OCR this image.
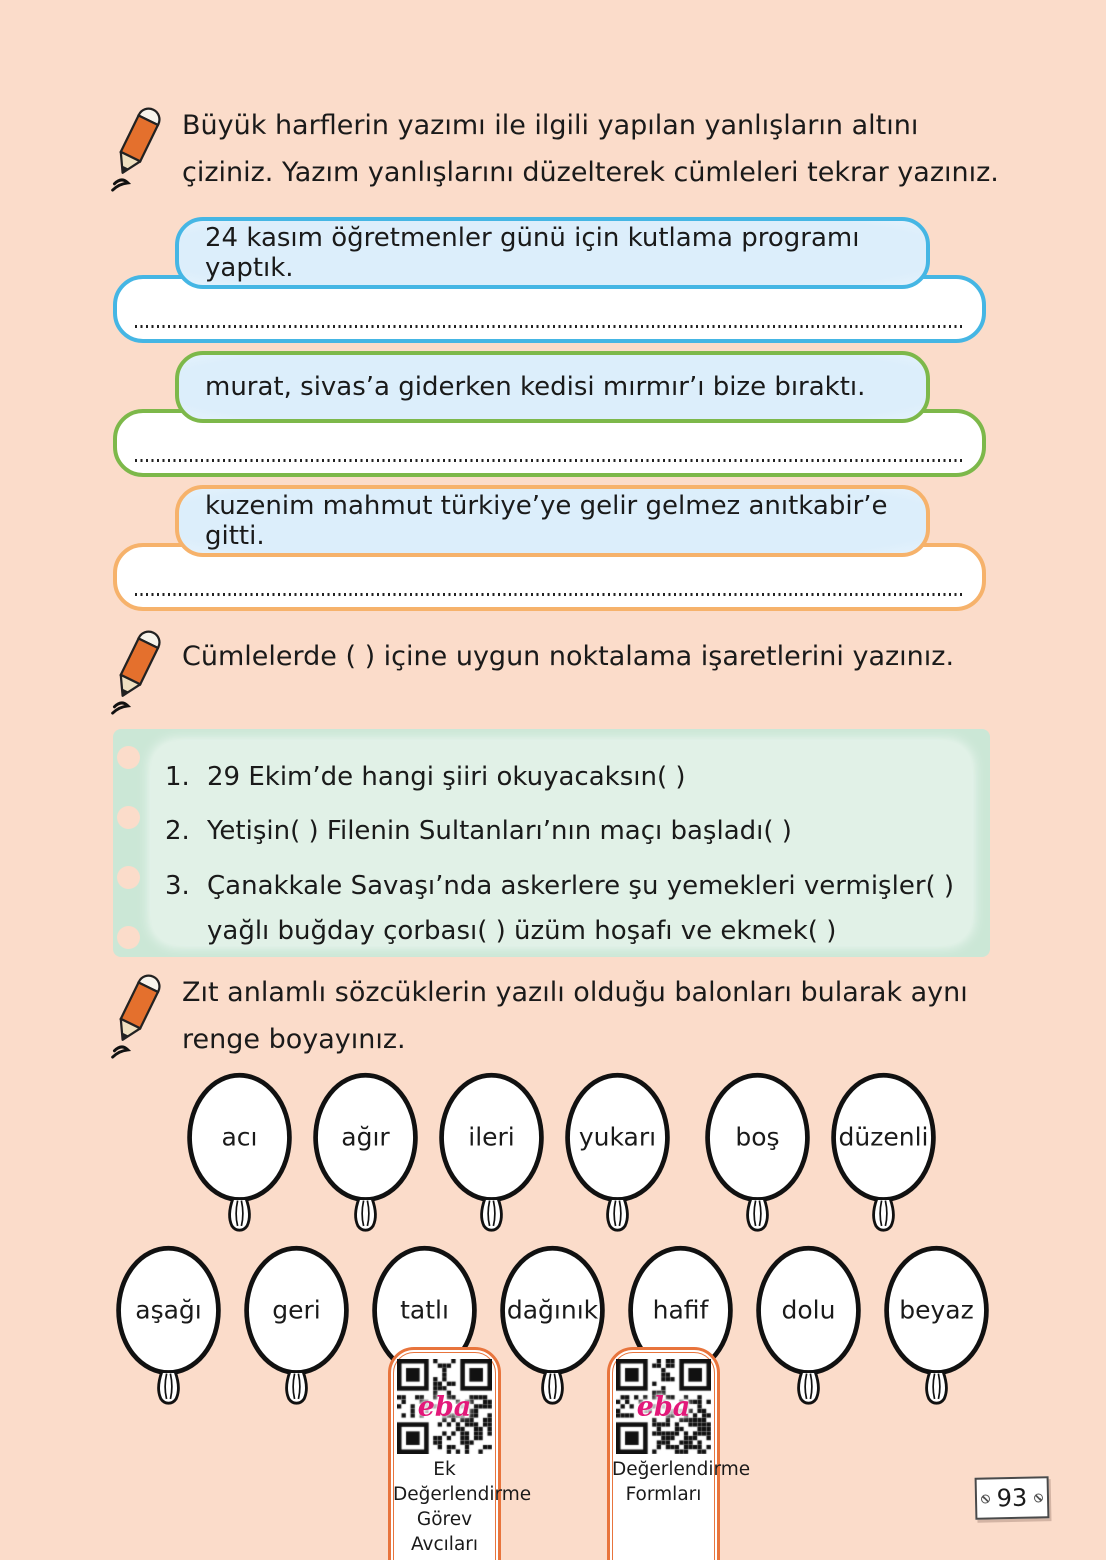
Büyük harflerin yazımı ile ilgili yapılan yanlışların altını çiziniz. Yazım yanlışlarını düzelterek cümleleri tekrar yazınız.

24 kasım öğretmenler günü için kutlama programı yaptık.
murat, sivas’a giderken kedisi mırmır’ı bize bıraktı.
kuzenim mahmut türkiye’ye gelir gelmez anıtkabir’e gitti.

Cümlelerde ( ) içine uygun noktalama işaretlerini yazınız.

1. 29 Ekim’de hangi şiiri okuyacaksın( )
2. Yetişin( ) Filenin Sultanları’nın maçı başladı( )
3. Çanakkale Savaşı’nda askerlere şu yemekleri vermişler( ) yağlı buğday çorbası( ) üzüm hoşafı ve ekmek( )

Zıt anlamlı sözcüklerin yazılı olduğu balonları bularak aynı renge boyayınız.

acı	ağır	ileri	yukarı	boş	düzenli
aşağı	geri	tatlı	dağınık	hafif	dolu	beyaz
eba
Ek Değerlendirme Görev Avcıları
eba
Değerlendirme Formları	93
